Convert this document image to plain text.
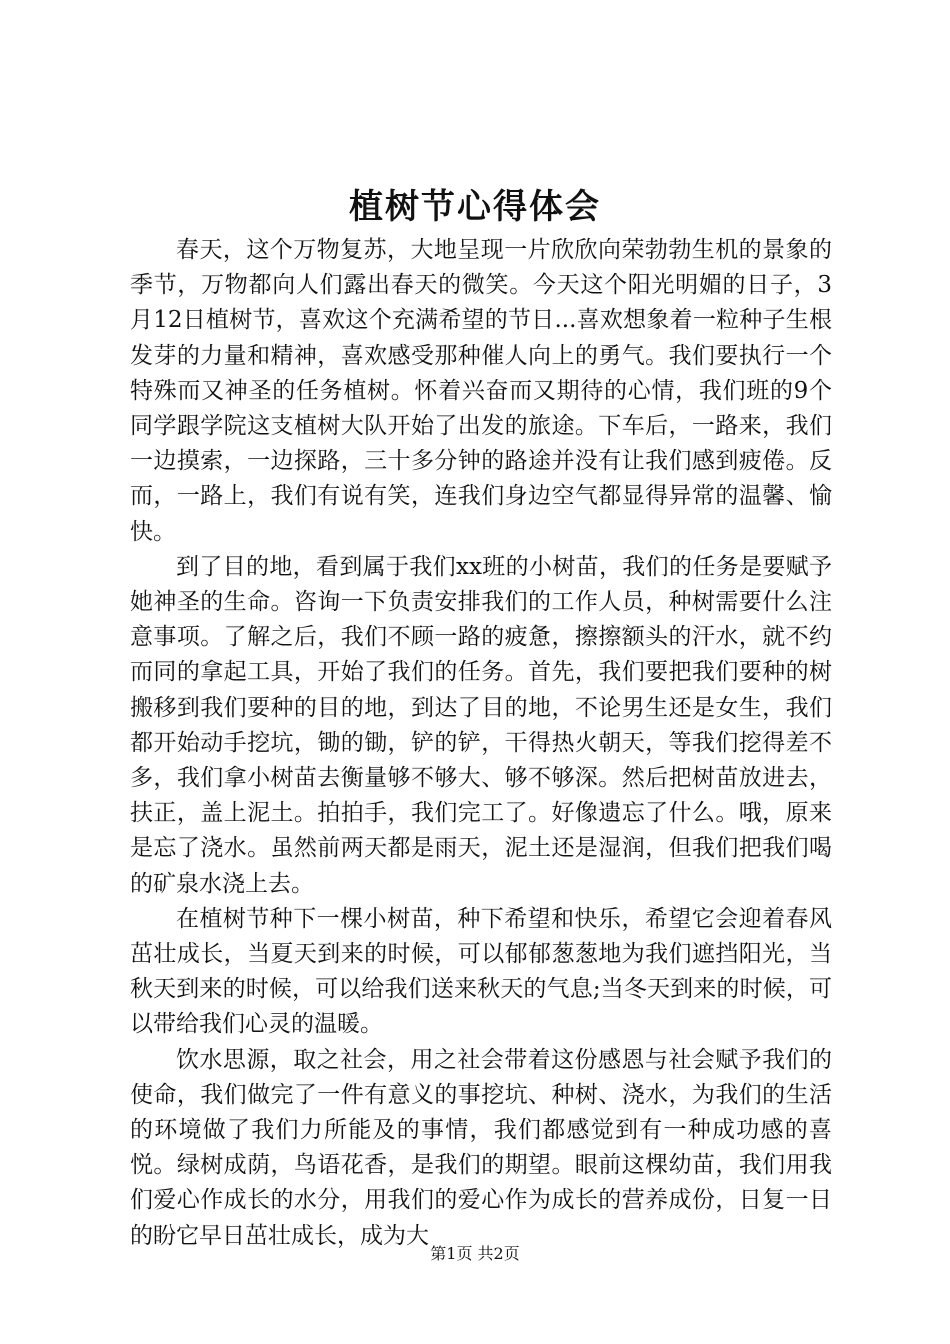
植树节心得体会

春天，这个万物复苏，大地呈现一片欣欣向荣勃勃生机的景象的季节，万物都向人们露出春天的微笑。今天这个阳光明媚的日子，3月12日植树节，喜欢这个充满希望的节日...喜欢想象着一粒种子生根发芽的力量和精神，喜欢感受那种催人向上的勇气。我们要执行一个特殊而又神圣的任务植树。怀着兴奋而又期待的心情，我们班的9个同学跟学院这支植树大队开始了出发的旅途。下车后，一路来，我们一边摸索，一边探路，三十多分钟的路途并没有让我们感到疲倦。反而，一路上，我们有说有笑，连我们身边空气都显得异常的温馨、愉快。

到了目的地，看到属于我们xx班的小树苗，我们的任务是要赋予她神圣的生命。咨询一下负责安排我们的工作人员，种树需要什么注意事项。了解之后，我们不顾一路的疲惫，擦擦额头的汗水，就不约而同的拿起工具，开始了我们的任务。首先，我们要把我们要种的树搬移到我们要种的目的地，到达了目的地，不论男生还是女生，我们都开始动手挖坑，锄的锄，铲的铲，干得热火朝天，等我们挖得差不多，我们拿小树苗去衡量够不够大、够不够深。然后把树苗放进去，扶正，盖上泥土。拍拍手，我们完工了。好像遗忘了什么。哦，原来是忘了浇水。虽然前两天都是雨天，泥土还是湿润，但我们把我们喝的矿泉水浇上去。

在植树节种下一棵小树苗，种下希望和快乐，希望它会迎着春风茁壮成长，当夏天到来的时候，可以郁郁葱葱地为我们遮挡阳光，当秋天到来的时候，可以给我们送来秋天的气息;当冬天到来的时候，可以带给我们心灵的温暖。

饮水思源，取之社会，用之社会带着这份感恩与社会赋予我们的使命，我们做完了一件有意义的事挖坑、种树、浇水，为我们的生活的环境做了我们力所能及的事情，我们都感觉到有一种成功感的喜悦。绿树成荫，鸟语花香，是我们的期望。眼前这棵幼苗，我们用我们爱心作成长的水分，用我们的爱心作为成长的营养成份，日复一日的盼它早日茁壮成长，成为大

第1页 共2页
